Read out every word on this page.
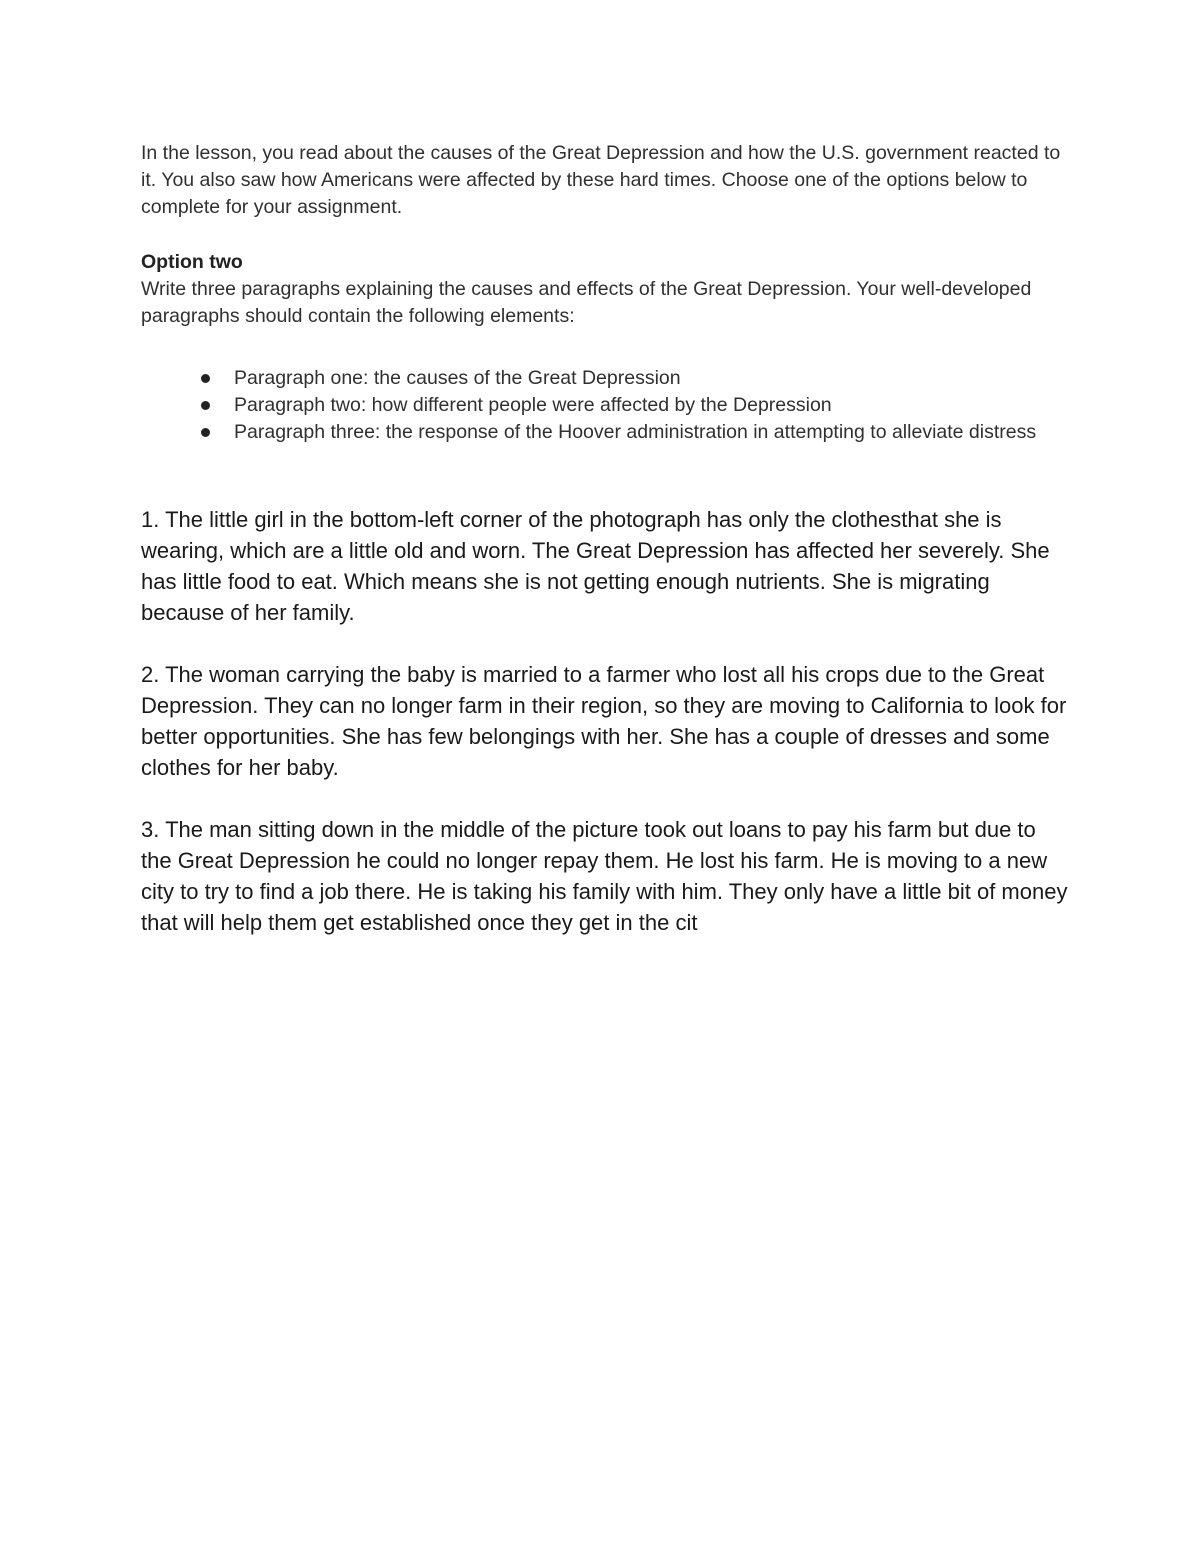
In the lesson, you read about the causes of the Great Depression and how the U.S. government reacted to it. You also saw how Americans were affected by these hard times. Choose one of the options below to complete for your assignment.

Option two

Write three paragraphs explaining the causes and effects of the Great Depression. Your well-developed paragraphs should contain the following elements:

Paragraph one: the causes of the Great Depression
Paragraph two: how different people were affected by the Depression
Paragraph three: the response of the Hoover administration in attempting to alleviate distress

1. The little girl in the bottom-left corner of the photograph has only the clothesthat she is wearing, which are a little old and worn. The Great Depression has affected her severely. She has little food to eat. Which means she is not getting enough nutrients. She is migrating because of her family.

2. The woman carrying the baby is married to a farmer who lost all his crops due to the Great Depression. They can no longer farm in their region, so they are moving to California to look for better opportunities. She has few belongings with her. She has a couple of dresses and some clothes for her baby.

3. The man sitting down in the middle of the picture took out loans to pay his farm but due to the Great Depression he could no longer repay them. He lost his farm. He is moving to a new city to try to find a job there. He is taking his family with him. They only have a little bit of money that will help them get established once they get in the cit
